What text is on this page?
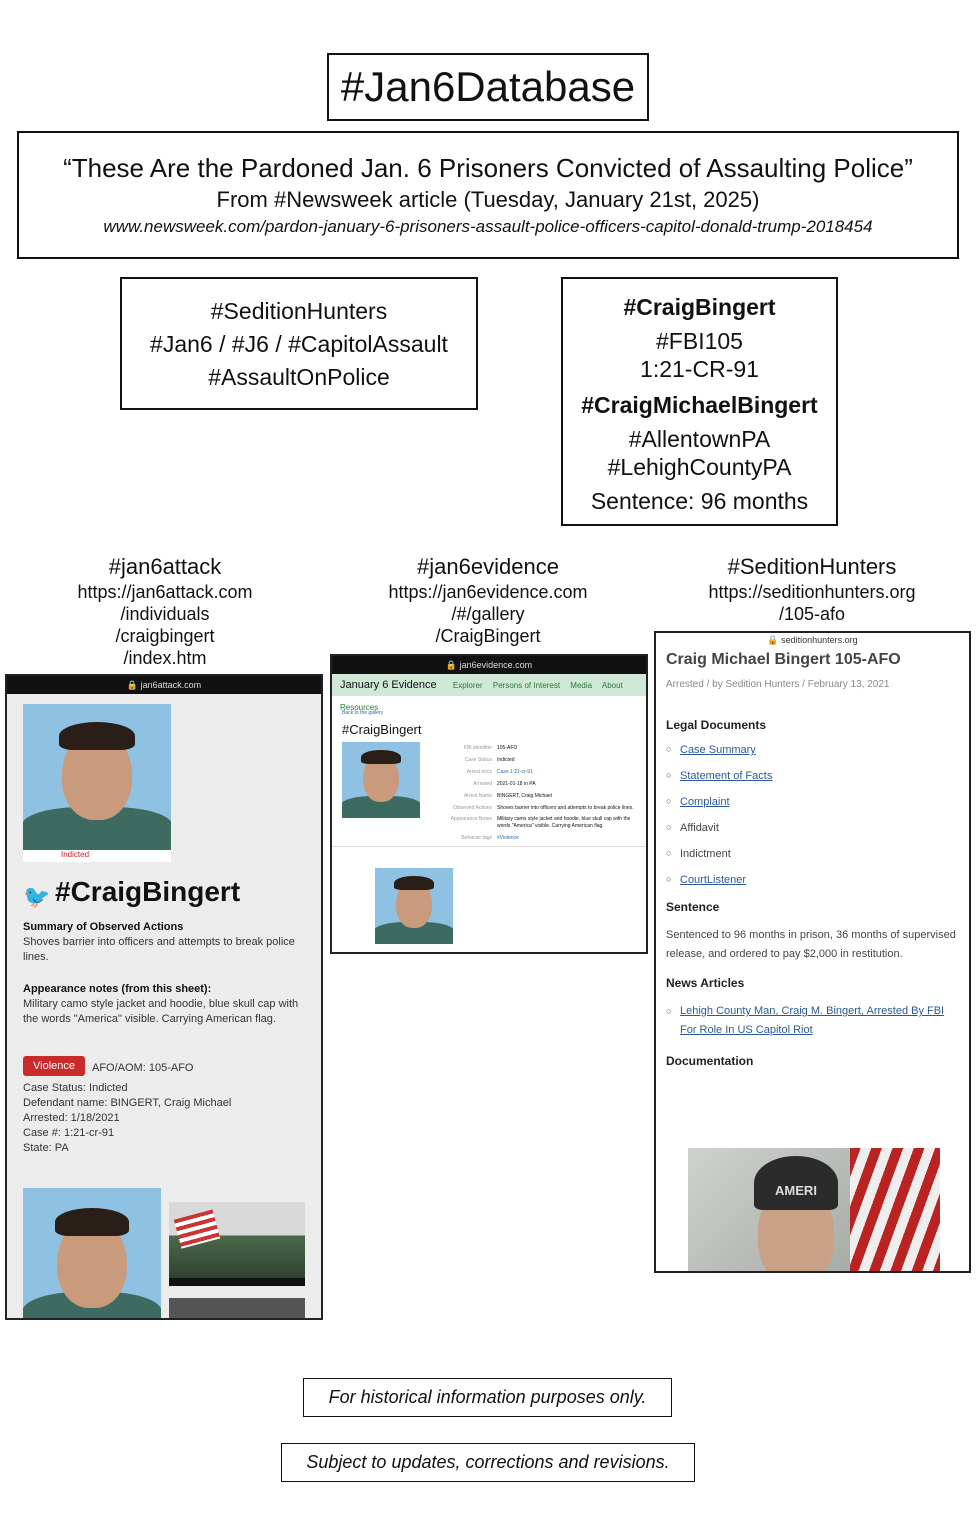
#Jan6Database
“These Are the Pardoned Jan. 6 Prisoners Convicted of Assaulting Police”
From #Newsweek article (Tuesday, January 21st, 2025)
www.newsweek.com/pardon-january-6-prisoners-assault-police-officers-capitol-donald-trump-2018454
#SeditionHunters
#Jan6 / #J6 / #CapitolAssault
#AssaultOnPolice
#CraigBingert
#FBI105
1:21-CR-91
#CraigMichaelBingert
#AllentownPA
#LehighCountyPA
Sentence: 96 months
#jan6attack
https://jan6attack.com
/individuals
/craigbingert
/index.htm
#jan6evidence
https://jan6evidence.com
/#/gallery
/CraigBingert
#SeditionHunters
https://seditionhunters.org
/105-afo
🔒 jan6attack.com
Indicted
🐦 #CraigBingert
Summary of Observed Actions
Shoves barrier into officers and attempts to break police lines.
Appearance notes (from this sheet):
Military camo style jacket and hoodie, blue skull cap with the words "America" visible. Carrying American flag.
Violence	AFO/AOM: 105-AFO
Case Status: Indicted
Defendant name: BINGERT, Craig Michael
Arrested: 1/18/2021
Case #: 1:21-cr-91
State: PA
🔒 jan6evidence.com
January 6 Evidence Explorer Persons of Interest Media About Resources
Back to the gallery
#CraigBingert
FBI identifier 105-AFO
Case Status Indicted
Arrest docs Case 1:21-cr-91
Arrested 2021-01-18 in PA
Arrest Name BINGERT, Craig Michael
Observed Actions Shoves barrier into officers and attempts to break police lines.
Appearance Notes Military camo style jacket and hoodie, blue skull cap with the words "America" visible. Carrying American flag.
Behavior tags #Violence
🔒 seditionhunters.org
Craig Michael Bingert 105-AFO
Arrested / by Sedition Hunters / February 13, 2021
Legal Documents
○ Case Summary
○ Statement of Facts
○ Complaint
○ Affidavit
○ Indictment
○ CourtListener
Sentence
Sentenced to 96 months in prison, 36 months of supervised release, and ordered to pay $2,000 in restitution.
News Articles
○ Lehigh County Man, Craig M. Bingert, Arrested By FBI For Role In US Capitol Riot
Documentation
AMERI
For historical information purposes only.
Subject to updates, corrections and revisions.
